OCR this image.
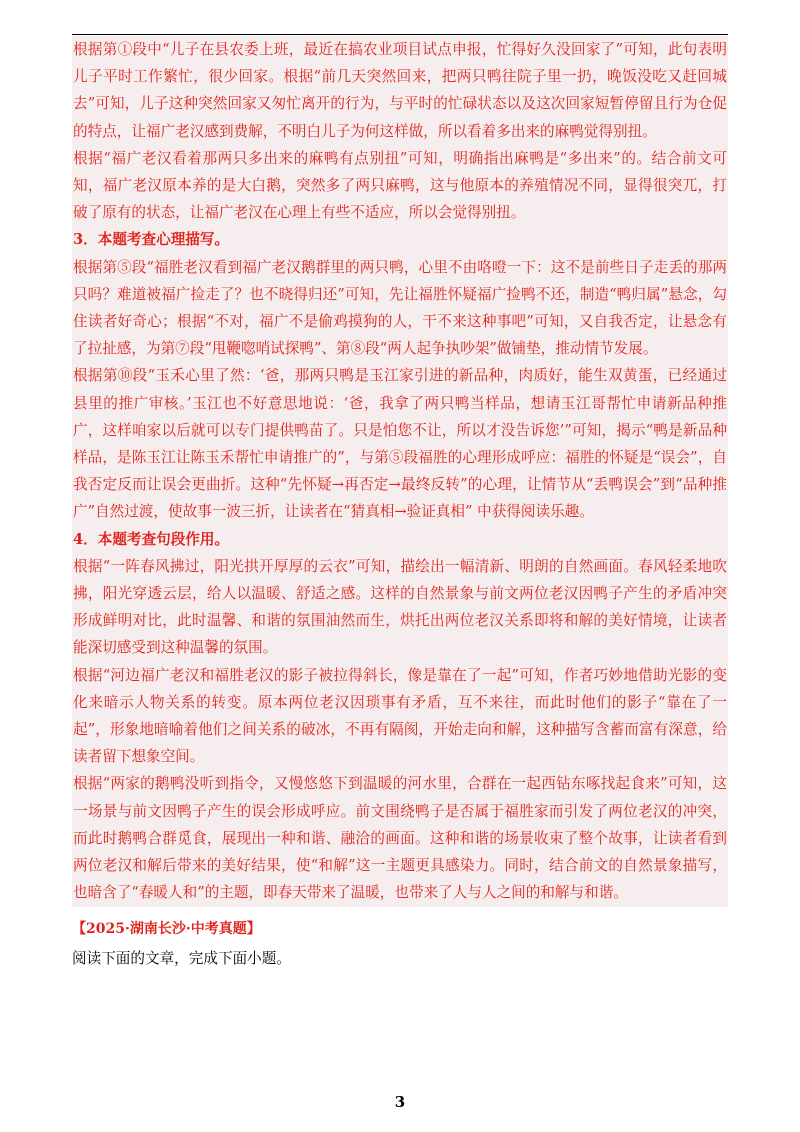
根据第①段中“儿子在县农委上班，最近在搞农业项目试点申报，忙得好久没回家了”可知，此句表明儿子平时工作繁忙，很少回家。根据“前几天突然回来，把两只鸭往院子里一扔，晚饭没吃又赶回城去”可知，儿子这种突然回家又匆忙离开的行为，与平时的忙碌状态以及这次回家短暂停留且行为仓促的特点，让福广老汉感到费解，不明白儿子为何这样做，所以看着多出来的麻鸭觉得别扭。

根据“福广老汉看着那两只多出来的麻鸭有点别扭”可知，明确指出麻鸭是“多出来”的。结合前文可知，福广老汉原本养的是大白鹅，突然多了两只麻鸭，这与他原本的养殖情况不同，显得很突兀，打破了原有的状态，让福广老汉在心理上有些不适应，所以会觉得别扭。

3．本题考查心理描写。

根据第⑤段“福胜老汉看到福广老汉鹅群里的两只鸭，心里不由咯噔一下：这不是前些日子走丢的那两只吗？难道被福广捡走了？也不晓得归还”可知，先让福胜怀疑福广捡鸭不还，制造“鸭归属”悬念，勾住读者好奇心；根据“不对，福广不是偷鸡摸狗的人，干不来这种事吧”可知，又自我否定，让悬念有了拉扯感，为第⑦段“甩鞭唿哨试探鸭”、第⑧段“两人起争执吵架”做铺垫，推动情节发展。

根据第⑩段“玉禾心里了然：‘爸，那两只鸭是玉江家引进的新品种，肉质好，能生双黄蛋，已经通过县里的推广审核。’玉江也不好意思地说：‘爸，我拿了两只鸭当样品，想请玉江哥帮忙申请新品种推广，这样咱家以后就可以专门提供鸭苗了。只是怕您不让，所以才没告诉您’”可知，揭示“鸭是新品种样品，是陈玉江让陈玉禾帮忙申请推广的”，与第⑤段福胜的心理形成呼应：福胜的怀疑是“误会”，自我否定反而让误会更曲折。这种“先怀疑→再否定→最终反转”的心理，让情节从“丢鸭误会”到“品种推广”自然过渡，使故事一波三折，让读者在“猜真相→验证真相” 中获得阅读乐趣。

4．本题考查句段作用。

根据“一阵春风拂过，阳光拱开厚厚的云衣”可知，描绘出一幅清新、明朗的自然画面。春风轻柔地吹拂，阳光穿透云层，给人以温暖、舒适之感。这样的自然景象与前文两位老汉因鸭子产生的矛盾冲突形成鲜明对比，此时温馨、和谐的氛围油然而生，烘托出两位老汉关系即将和解的美好情境，让读者能深切感受到这种温馨的氛围。

根据“河边福广老汉和福胜老汉的影子被拉得斜长，像是靠在了一起”可知，作者巧妙地借助光影的变化来暗示人物关系的转变。原本两位老汉因琐事有矛盾，互不来往，而此时他们的影子“靠在了一起”，形象地暗喻着他们之间关系的破冰，不再有隔阂，开始走向和解，这种描写含蓄而富有深意，给读者留下想象空间。

根据“两家的鹅鸭没听到指令，又慢悠悠下到温暖的河水里，合群在一起西钻东啄找起食来”可知，这一场景与前文因鸭子产生的误会形成呼应。前文围绕鸭子是否属于福胜家而引发了两位老汉的冲突，而此时鹅鸭合群觅食，展现出一种和谐、融洽的画面。这种和谐的场景收束了整个故事，让读者看到两位老汉和解后带来的美好结果，使“和解”这一主题更具感染力。同时，结合前文的自然景象描写，也暗含了“春暖人和”的主题，即春天带来了温暖，也带来了人与人之间的和解与和谐。

【2025·湖南长沙·中考真题】
阅读下面的文章，完成下面小题。
3
